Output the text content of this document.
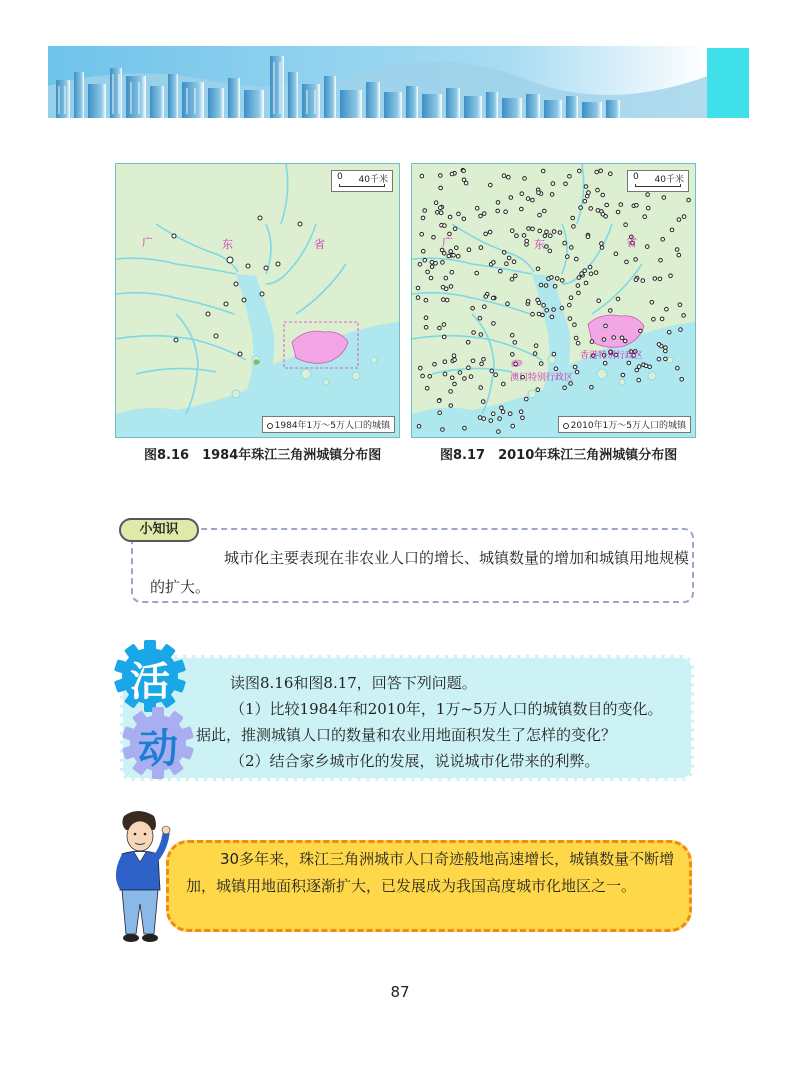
广	东	省
0 40千米
1984年1万～5万人口的城镇
广	东	省
香港特别行政区
澳门特别行政区
0 40千米
2010年1万～5万人口的城镇
图8.16　1984年珠江三角洲城镇分布图	图8.17　2010年珠江三角洲城镇分布图
小知识
城市化主要表现在非农业人口的增长、城镇数量的增加和城镇用地规模的扩大。
活
动
读图8.16和图8.17，回答下列问题。
（1）比较1984年和2010年，1万~5万人口的城镇数目的变化。
据此，推测城镇人口的数量和农业用地面积发生了怎样的变化？
（2）结合家乡城市化的发展，说说城市化带来的利弊。
30多年来，珠江三角洲城市人口奇迹般地高速增长，城镇数量不断增加，城镇用地面积逐渐扩大，已发展成为我国高度城市化地区之一。
87
